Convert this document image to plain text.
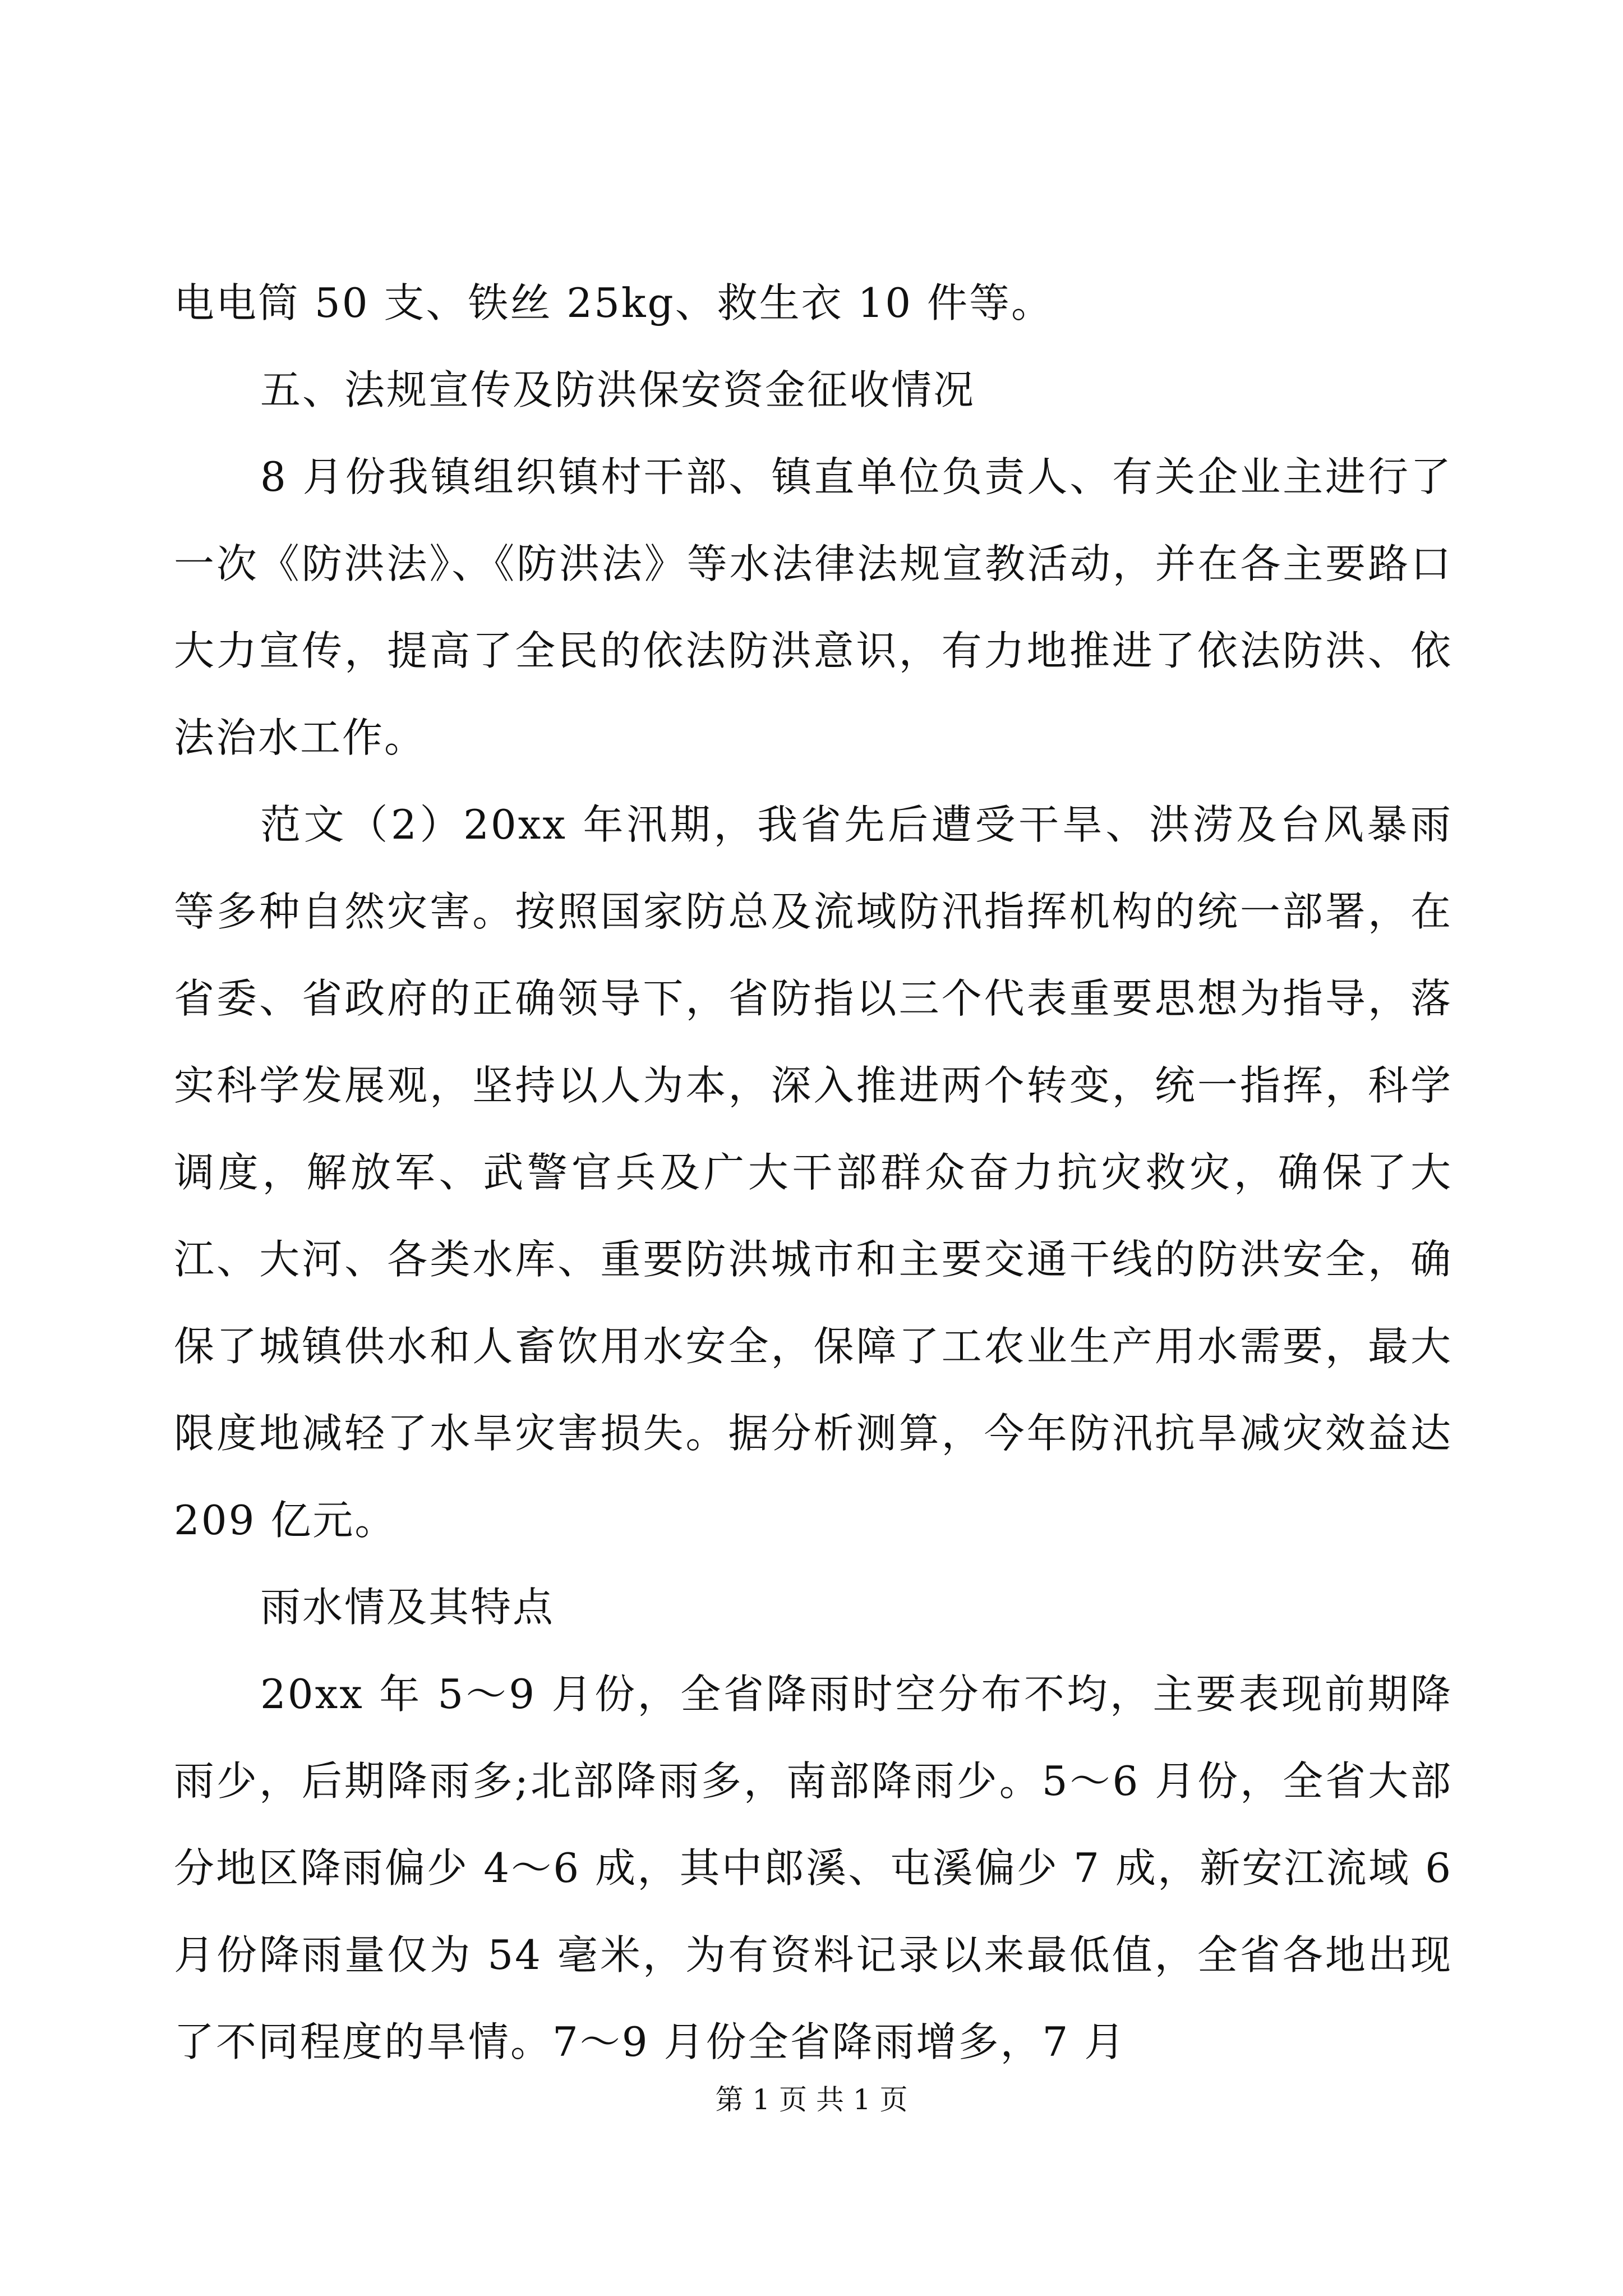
电电筒 50 支、铁丝 25kg、救生衣 10 件等。

五、法规宣传及防洪保安资金征收情况

8 月份我镇组织镇村干部、镇直单位负责人、有关企业主进行了一次《防洪法》、《防洪法》等水法律法规宣教活动，并在各主要路口大力宣传，提高了全民的依法防洪意识，有力地推进了依法防洪、依法治水工作。

范文（2）20xx 年汛期，我省先后遭受干旱、洪涝及台风暴雨等多种自然灾害。按照国家防总及流域防汛指挥机构的统一部署，在省委、省政府的正确领导下，省防指以三个代表重要思想为指导，落实科学发展观，坚持以人为本，深入推进两个转变，统一指挥，科学调度，解放军、武警官兵及广大干部群众奋力抗灾救灾，确保了大江、大河、各类水库、重要防洪城市和主要交通干线的防洪安全，确保了城镇供水和人畜饮用水安全，保障了工农业生产用水需要，最大限度地减轻了水旱灾害损失。据分析测算，今年防汛抗旱减灾效益达 209 亿元。

雨水情及其特点

20xx 年 5～9 月份，全省降雨时空分布不均，主要表现前期降雨少，后期降雨多;北部降雨多，南部降雨少。5～6 月份，全省大部分地区降雨偏少 4～6 成，其中郎溪、屯溪偏少 7 成，新安江流域 6 月份降雨量仅为 54 毫米，为有资料记录以来最低值，全省各地出现了不同程度的旱情。7～9 月份全省降雨增多，7 月

第 1 页 共 1 页
